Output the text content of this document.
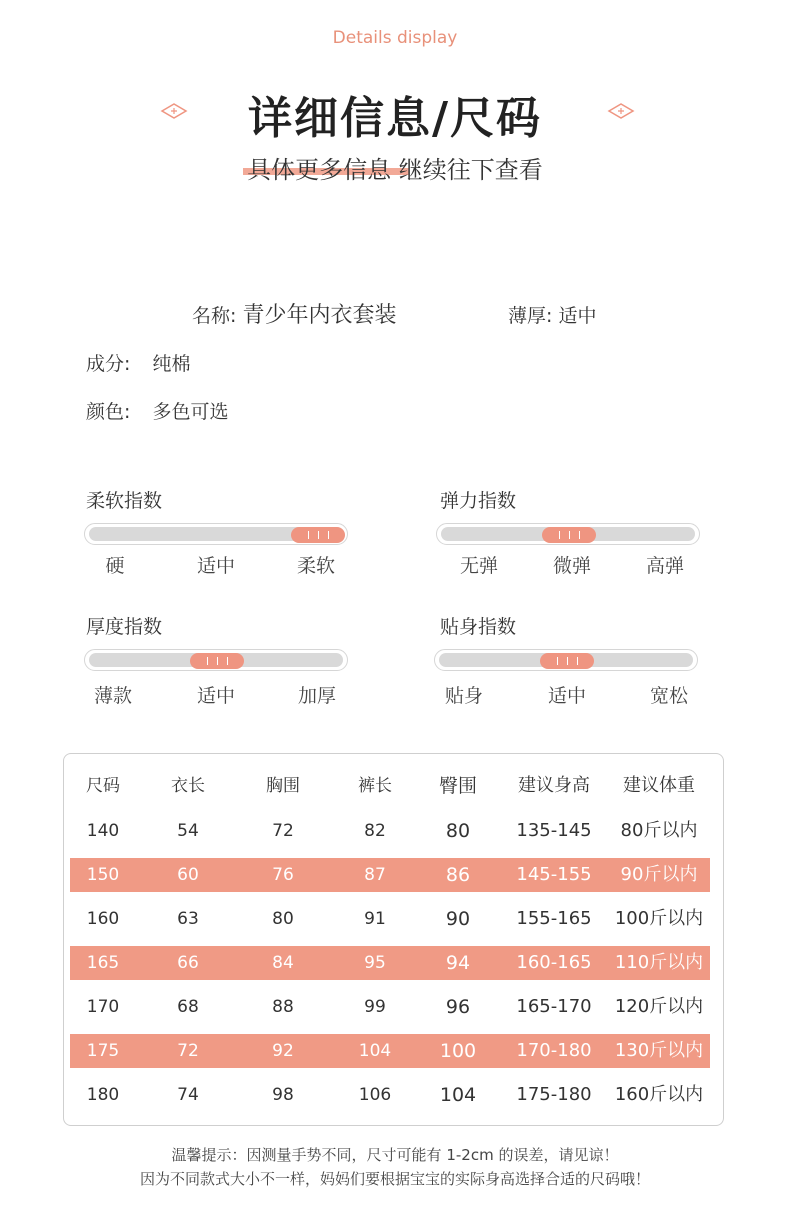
Details display
详细信息/尺码
具体更多信息 继续往下查看
名称: 青少年内衣套装	薄厚: 适中
成分: 纯棉
颜色: 多色可选
柔软指数
硬	适中	柔软
弹力指数
无弹	微弹	高弹
厚度指数
薄款	适中	加厚
贴身指数
贴身	适中	宽松
尺码	衣长	胸围	裤长	臀围	建议身高	建议体重
140	54	72	82	80	135-145	80斤以内
150	60	76	87	86	145-155	90斤以内
160	63	80	91	90	155-165	100斤以内
165	66	84	95	94	160-165	110斤以内
170	68	88	99	96	165-170	120斤以内
175	72	92	104	100	170-180	130斤以内
180	74	98	106	104	175-180	160斤以内
温馨提示：因测量手势不同，尺寸可能有 1-2cm 的误差，请见谅！
因为不同款式大小不一样，妈妈们要根据宝宝的实际身高选择合适的尺码哦！
